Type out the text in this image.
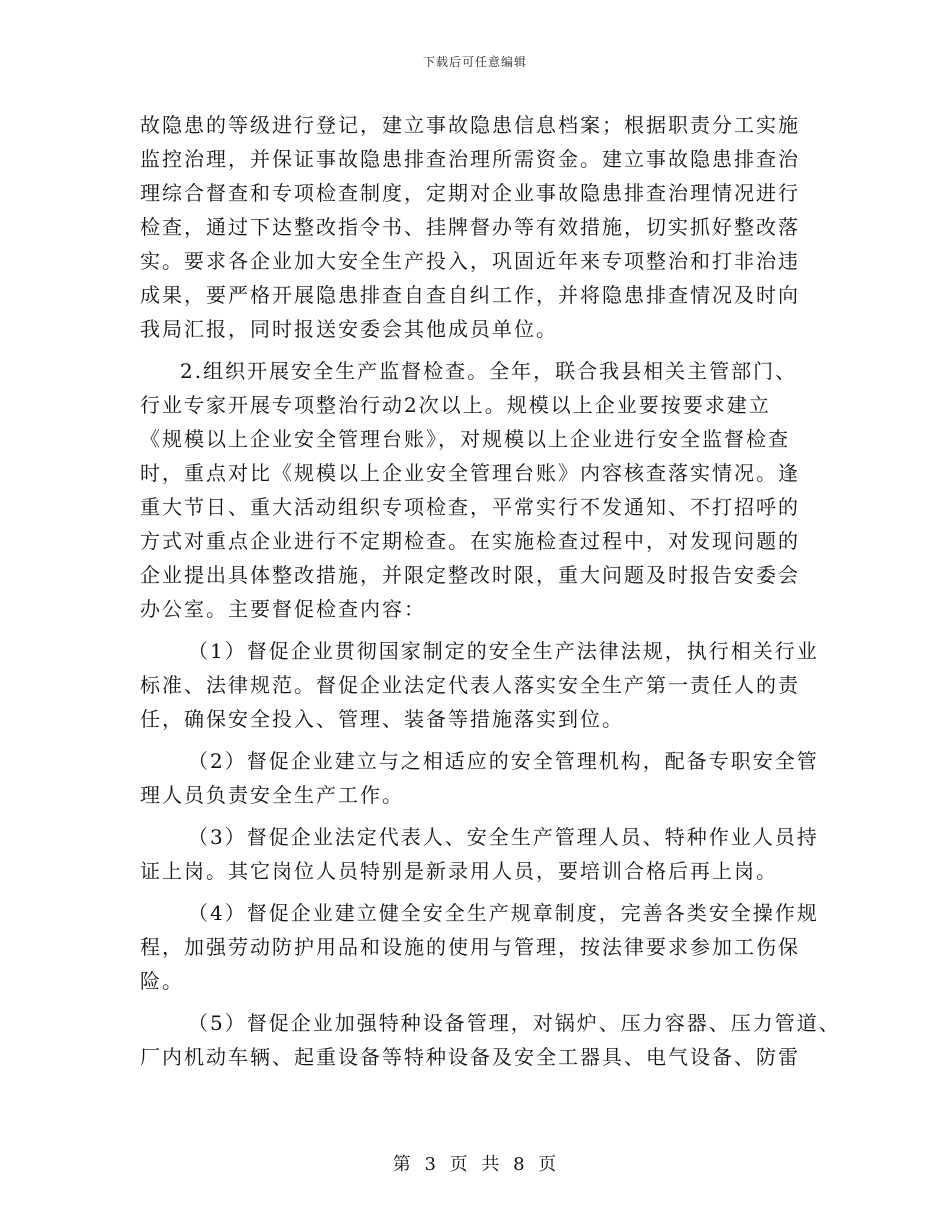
下载后可任意编辑
故隐患的等级进行登记，建立事故隐患信息档案；根据职责分工实施
监控治理，并保证事故隐患排查治理所需资金。建立事故隐患排查治
理综合督查和专项检查制度，定期对企业事故隐患排查治理情况进行
检查，通过下达整改指令书、挂牌督办等有效措施，切实抓好整改落
实。要求各企业加大安全生产投入，巩固近年来专项整治和打非治违
成果，要严格开展隐患排查自查自纠工作，并将隐患排查情况及时向
我局汇报，同时报送安委会其他成员单位。
2.组织开展安全生产监督检查。全年，联合我县相关主管部门、
行业专家开展专项整治行动2次以上。规模以上企业要按要求建立
《规模以上企业安全管理台账》，对规模以上企业进行安全监督检查
时，重点对比《规模以上企业安全管理台账》内容核查落实情况。逢
重大节日、重大活动组织专项检查，平常实行不发通知、不打招呼的
方式对重点企业进行不定期检查。在实施检查过程中，对发现问题的
企业提出具体整改措施，并限定整改时限，重大问题及时报告安委会
办公室。主要督促检查内容：
（1）督促企业贯彻国家制定的安全生产法律法规，执行相关行业
标准、法律规范。督促企业法定代表人落实安全生产第一责任人的责
任，确保安全投入、管理、装备等措施落实到位。
（2）督促企业建立与之相适应的安全管理机构，配备专职安全管
理人员负责安全生产工作。
（3）督促企业法定代表人、安全生产管理人员、特种作业人员持
证上岗。其它岗位人员特别是新录用人员，要培训合格后再上岗。
（4）督促企业建立健全安全生产规章制度，完善各类安全操作规
程，加强劳动防护用品和设施的使用与管理，按法律要求参加工伤保
险。
（5）督促企业加强特种设备管理，对锅炉、压力容器、压力管道、
厂内机动车辆、起重设备等特种设备及安全工器具、电气设备、防雷
第 3 页 共 8 页
